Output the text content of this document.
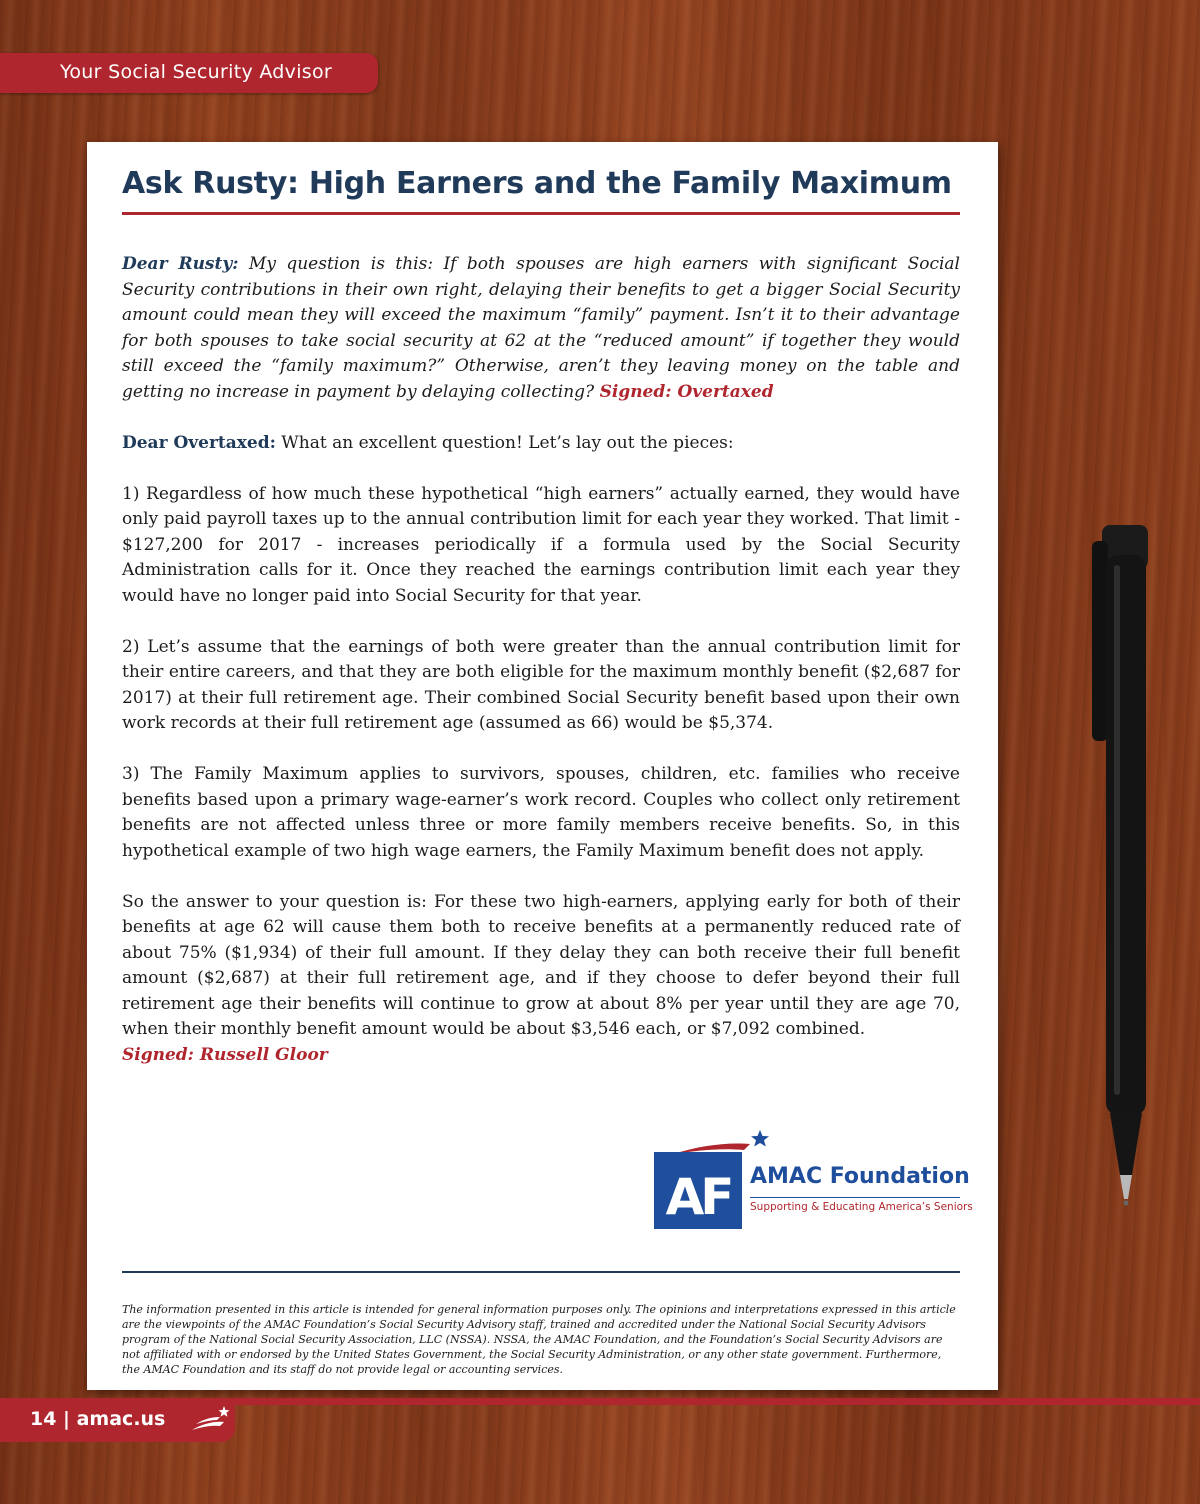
Your Social Security Advisor
Ask Rusty: High Earners and the Family Maximum

Dear Rusty: My question is this: If both spouses are high earners with significant Social Security contributions in their own right, delaying their benefits to get a bigger Social Security amount could mean they will exceed the maximum “family” payment. Isn’t it to their advantage for both spouses to take social security at 62 at the “reduced amount” if together they would still exceed the “family maximum?” Otherwise, aren’t they leaving money on the table and getting no increase in payment by delaying collecting? Signed: Overtaxed

Dear Overtaxed: What an excellent question! Let’s lay out the pieces:

1) Regardless of how much these hypothetical “high earners” actually earned, they would have only paid payroll taxes up to the annual contribution limit for each year they worked. That limit - $127,200 for 2017 - increases periodically if a formula used by the Social Security Administration calls for it. Once they reached the earnings contribution limit each year they would have no longer paid into Social Security for that year.

2) Let’s assume that the earnings of both were greater than the annual contribution limit for their entire careers, and that they are both eligible for the maximum monthly benefit ($2,687 for 2017) at their full retirement age. Their combined Social Security benefit based upon their own work records at their full retirement age (assumed as 66) would be $5,374.

3) The Family Maximum applies to survivors, spouses, children, etc. families who receive benefits based upon a primary wage-earner’s work record. Couples who collect only retirement benefits are not affected unless three or more family members receive benefits. So, in this hypothetical example of two high wage earners, the Family Maximum benefit does not apply.

So the answer to your question is: For these two high-earners, applying early for both of their benefits at age 62 will cause them both to receive benefits at a permanently reduced rate of about 75% ($1,934) of their full amount. If they delay they can both receive their full benefit amount ($2,687) at their full retirement age, and if they choose to defer beyond their full retirement age their benefits will continue to grow at about 8% per year until they are age 70, when their monthly benefit amount would be about $3,546 each, or $7,092 combined.
Signed: Russell Gloor

AF AMAC Foundation
Supporting & Educating America’s Seniors
The information presented in this article is intended for general information purposes only. The opinions and interpretations expressed in this article are the viewpoints of the AMAC Foundation’s Social Security Advisory staff, trained and accredited under the National Social Security Advisors program of the National Social Security Association, LLC (NSSA). NSSA, the AMAC Foundation, and the Foundation’s Social Security Advisors are not affiliated with or endorsed by the United States Government, the Social Security Administration, or any other state government. Furthermore, the AMAC Foundation and its staff do not provide legal or accounting services.
14 | amac.us
